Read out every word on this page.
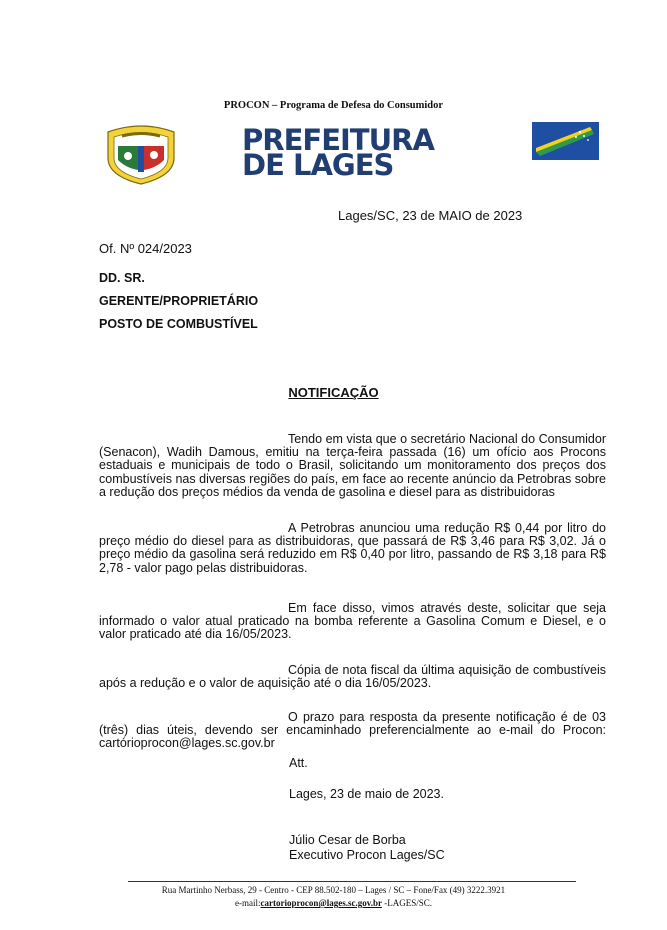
PROCON – Programa de Defesa do Consumidor
PREFEITURA
DE LAGES
Lages/SC, 23 de MAIO de 2023
Of. Nº 024/2023
DD. SR.
GERENTE/PROPRIETÁRIO
POSTO DE COMBUSTÍVEL
NOTIFICAÇÃO
Tendo em vista que o secretário Nacional do Consumidor (Senacon), Wadih Damous, emitiu na terça-feira passada (16) um ofício aos Procons estaduais e municipais de todo o Brasil, solicitando um monitoramento dos preços dos combustíveis nas diversas regiões do país, em face ao recente anúncio da Petrobras sobre a redução dos preços médios da venda de gasolina e diesel para as distribuidoras
A Petrobras anunciou uma redução R$ 0,44 por litro do preço médio do diesel para as distribuidoras, que passará de R$ 3,46 para R$ 3,02. Já o preço médio da gasolina será reduzido em R$ 0,40 por litro, passando de R$ 3,18 para R$ 2,78 - valor pago pelas distribuidoras.
Em face disso, vimos através deste, solicitar que seja informado o valor atual praticado na bomba referente a Gasolina Comum e Diesel, e o valor praticado até dia 16/05/2023.
Cópia de nota fiscal da última aquisição de combustíveis após a redução e o valor de aquisição até o dia 16/05/2023.
O prazo para resposta da presente notificação é de 03 (três) dias úteis, devendo ser encaminhado preferencialmente ao e-mail do Procon: cartórioprocon@lages.sc.gov.br
Att.
Lages, 23 de maio de 2023.
Júlio Cesar de Borba
Executivo Procon Lages/SC
Rua Martinho Nerbass, 29 - Centro - CEP 88.502-180 – Lages / SC – Fone/Fax (49) 3222.3921
e-mail:cartorioprocon@lages.sc.gov.br -LAGES/SC.
